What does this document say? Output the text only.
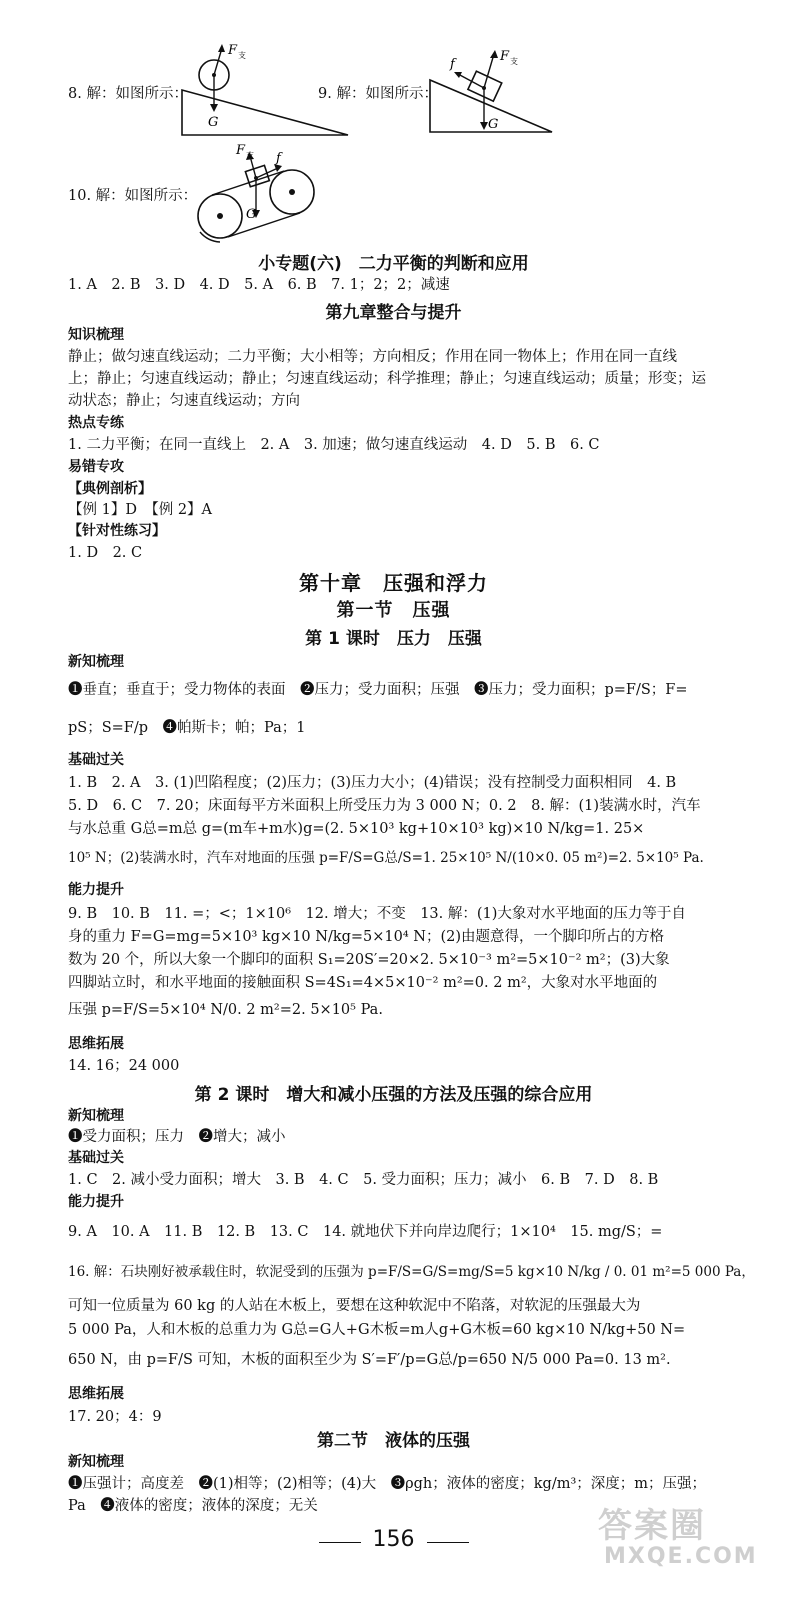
F 支
G
8. 解：如图所示：
F 支
f
G
9. 解：如图所示：
F 支 f
G
10. 解：如图所示：
小专题(六)　二力平衡的判断和应用
1. A　2. B　3. D　4. D　5. A　6. B　7. 1；2；2；减速
第九章整合与提升
知识梳理
静止；做匀速直线运动；二力平衡；大小相等；方向相反；作用在同一物体上；作用在同一直线
上；静止；匀速直线运动；静止；匀速直线运动；科学推理；静止；匀速直线运动；质量；形变；运
动状态；静止；匀速直线运动；方向
热点专练
1. 二力平衡；在同一直线上　2. A　3. 加速；做匀速直线运动　4. D　5. B　6. C
易错专攻
【典例剖析】
【例 1】D　【例 2】A
【针对性练习】
1. D　2. C
第十章　压强和浮力
第一节　压强
第 1 课时　压力　压强
新知梳理
❶垂直；垂直于；受力物体的表面　❷压力；受力面积；压强　❸压力；受力面积；p=F/S；F=
pS；S=F/p　❹帕斯卡；帕；Pa；1
基础过关
1. B　2. A　3. (1)凹陷程度；(2)压力；(3)压力大小；(4)错误；没有控制受力面积相同　4. B
5. D　6. C　7. 20；床面每平方米面积上所受压力为 3 000 N；0. 2　8. 解：(1)装满水时，汽车
与水总重 G总=m总 g=(m车+m水)g=(2. 5×10³ kg+10×10³ kg)×10 N/kg=1. 25×
10⁵ N；(2)装满水时，汽车对地面的压强 p=F/S=G总/S=1. 25×10⁵ N/(10×0. 05 m²)=2. 5×10⁵ Pa.
能力提升
9. B　10. B　11. =；<；1×10⁶　12. 增大；不变　13. 解：(1)大象对水平地面的压力等于自
身的重力 F=G=mg=5×10³ kg×10 N/kg=5×10⁴ N；(2)由题意得，一个脚印所占的方格
数为 20 个，所以大象一个脚印的面积 S₁=20S′=20×2. 5×10⁻³ m²=5×10⁻² m²；(3)大象
四脚站立时，和水平地面的接触面积 S=4S₁=4×5×10⁻² m²=0. 2 m²，大象对水平地面的
压强 p=F/S=5×10⁴ N/0. 2 m²=2. 5×10⁵ Pa.
思维拓展
14. 16；24 000
第 2 课时　增大和减小压强的方法及压强的综合应用
新知梳理
❶受力面积；压力　❷增大；减小
基础过关
1. C　2. 减小受力面积；增大　3. B　4. C　5. 受力面积；压力；减小　6. B　7. D　8. B
能力提升
9. A　10. A　11. B　12. B　13. C　14. 就地伏下并向岸边爬行；1×10⁴　15. mg/S；=
16. 解：石块刚好被承载住时，软泥受到的压强为 p=F/S=G/S=mg/S=5 kg×10 N/kg / 0. 01 m²=5 000 Pa，
可知一位质量为 60 kg 的人站在木板上，要想在这种软泥中不陷落，对软泥的压强最大为
5 000 Pa，人和木板的总重力为 G总=G人+G木板=m人g+G木板=60 kg×10 N/kg+50 N=
650 N，由 p=F/S 可知，木板的面积至少为 S′=F′/p=G总/p=650 N/5 000 Pa=0. 13 m².
思维拓展
17. 20；4：9
第二节　液体的压强
新知梳理
❶压强计；高度差　❷(1)相等；(2)相等；(4)大　❸ρgh；液体的密度；kg/m³；深度；m；压强；
Pa　❹液体的密度；液体的深度；无关
156	答案圈
MXQE.COM
